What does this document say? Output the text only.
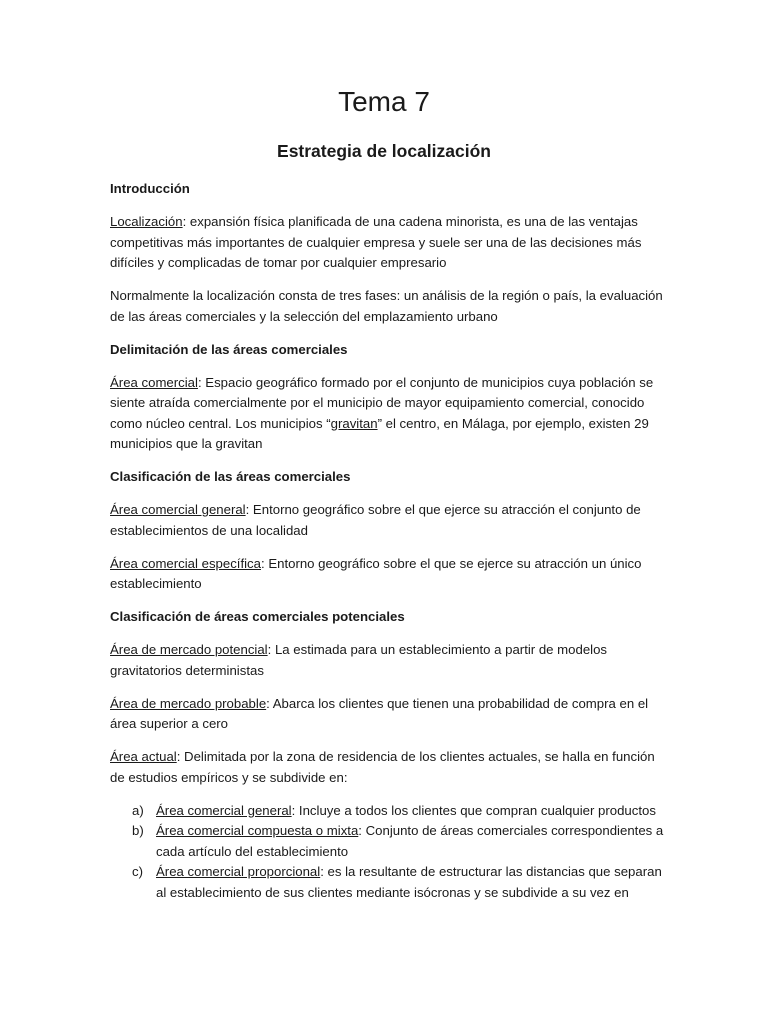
Tema 7
Estrategia de localización

Introducción

Localización: expansión física planificada de una cadena minorista, es una de las ventajas competitivas más importantes de cualquier empresa y suele ser una de las decisiones más difíciles y complicadas de tomar por cualquier empresario

Normalmente la localización consta de tres fases: un análisis de la región o país, la evaluación de las áreas comerciales y la selección del emplazamiento urbano

Delimitación de las áreas comerciales

Área comercial: Espacio geográfico formado por el conjunto de municipios cuya población se siente atraída comercialmente por el municipio de mayor equipamiento comercial, conocido como núcleo central. Los municipios “gravitan” el centro, en Málaga, por ejemplo, existen 29 municipios que la gravitan

Clasificación de las áreas comerciales

Área comercial general: Entorno geográfico sobre el que ejerce su atracción el conjunto de establecimientos de una localidad

Área comercial específica: Entorno geográfico sobre el que se ejerce su atracción un único establecimiento

Clasificación de áreas comerciales potenciales

Área de mercado potencial: La estimada para un establecimiento a partir de modelos gravitatorios deterministas

Área de mercado probable: Abarca los clientes que tienen una probabilidad de compra en el área superior a cero

Área actual: Delimitada por la zona de residencia de los clientes actuales, se halla en función de estudios empíricos y se subdivide en:

a) Área comercial general: Incluye a todos los clientes que compran cualquier productos
b) Área comercial compuesta o mixta: Conjunto de áreas comerciales correspondientes a cada artículo del establecimiento
c) Área comercial proporcional: es la resultante de estructurar las distancias que separan al establecimiento de sus clientes mediante isócronas y se subdivide a su vez en
